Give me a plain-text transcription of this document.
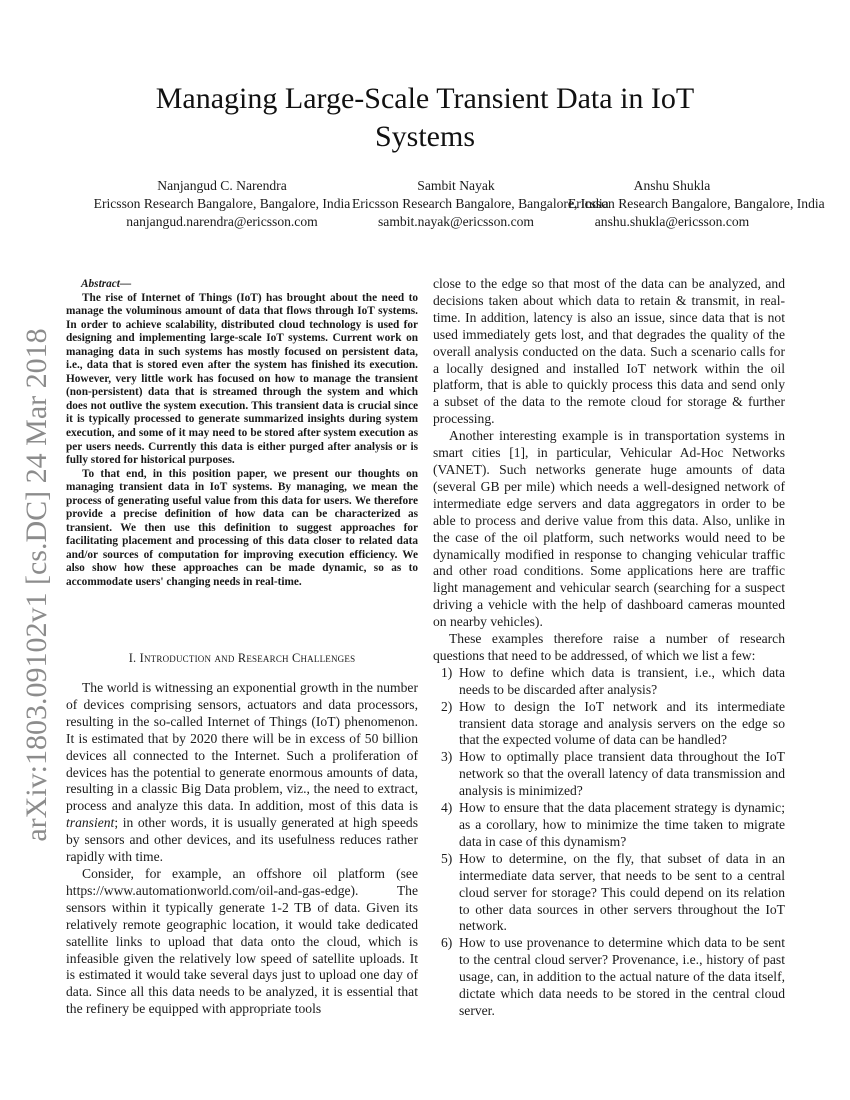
arXiv:1803.09102v1 [cs.DC] 24 Mar 2018
Managing Large-Scale Transient Data in IoT
Systems
Nanjangud C. Narendra
Ericsson Research Bangalore, Bangalore, India
nanjangud.narendra@ericsson.com
Sambit Nayak
Ericsson Research Bangalore, Bangalore, India
sambit.nayak@ericsson.com
Anshu Shukla
Ericsson Research Bangalore, Bangalore, India
anshu.shukla@ericsson.com
Abstract—

The rise of Internet of Things (IoT) has brought about the need to manage the voluminous amount of data that flows through IoT systems. In order to achieve scalability, distributed cloud technology is used for designing and implementing large-scale IoT systems. Current work on managing data in such systems has mostly focused on persistent data, i.e., data that is stored even after the system has finished its execution. However, very little work has focused on how to manage the transient (non-persistent) data that is streamed through the system and which does not outlive the system execution. This transient data is crucial since it is typically processed to generate summarized insights during system execution, and some of it may need to be stored after system execution as per users needs. Currently this data is either purged after analysis or is fully stored for historical purposes.

To that end, in this position paper, we present our thoughts on managing transient data in IoT systems. By managing, we mean the process of generating useful value from this data for users. We therefore provide a precise definition of how data can be characterized as transient. We then use this definition to suggest approaches for facilitating placement and processing of this data closer to related data and/or sources of computation for improving execution efficiency. We also show how these approaches can be made dynamic, so as to accommodate users' changing needs in real-time.

I. Introduction and Research Challenges

The world is witnessing an exponential growth in the number of devices comprising sensors, actuators and data processors, resulting in the so-called Internet of Things (IoT) phenomenon. It is estimated that by 2020 there will be in excess of 50 billion devices all connected to the Internet. Such a proliferation of devices has the potential to generate enormous amounts of data, resulting in a classic Big Data problem, viz., the need to extract, process and analyze this data. In addition, most of this data is transient; in other words, it is usually generated at high speeds by sensors and other devices, and its usefulness reduces rather rapidly with time.

Consider, for example, an offshore oil platform (see https://www.automationworld.com/oil-and-gas-edge). The sensors within it typically generate 1-2 TB of data. Given its relatively remote geographic location, it would take dedicated satellite links to upload that data onto the cloud, which is infeasible given the relatively low speed of satellite uploads. It is estimated it would take several days just to upload one day of data. Since all this data needs to be analyzed, it is essential that the refinery be equipped with appropriate tools

close to the edge so that most of the data can be analyzed, and decisions taken about which data to retain & transmit, in real-time. In addition, latency is also an issue, since data that is not used immediately gets lost, and that degrades the quality of the overall analysis conducted on the data. Such a scenario calls for a locally designed and installed IoT network within the oil platform, that is able to quickly process this data and send only a subset of the data to the remote cloud for storage & further processing.

Another interesting example is in transportation systems in smart cities [1], in particular, Vehicular Ad-Hoc Networks (VANET). Such networks generate huge amounts of data (several GB per mile) which needs a well-designed network of intermediate edge servers and data aggregators in order to be able to process and derive value from this data. Also, unlike in the case of the oil platform, such networks would need to be dynamically modified in response to changing vehicular traffic and other road conditions. Some applications here are traffic light management and vehicular search (searching for a suspect driving a vehicle with the help of dashboard cameras mounted on nearby vehicles).

These examples therefore raise a number of research questions that need to be addressed, of which we list a few:

1) How to define which data is transient, i.e., which data needs to be discarded after analysis?
2) How to design the IoT network and its intermediate transient data storage and analysis servers on the edge so that the expected volume of data can be handled?
3) How to optimally place transient data throughout the IoT network so that the overall latency of data transmission and analysis is minimized?
4) How to ensure that the data placement strategy is dynamic; as a corollary, how to minimize the time taken to migrate data in case of this dynamism?
5) How to determine, on the fly, that subset of data in an intermediate data server, that needs to be sent to a central cloud server for storage? This could depend on its relation to other data sources in other servers throughout the IoT network.
6) How to use provenance to determine which data to be sent to the central cloud server? Provenance, i.e., history of past usage, can, in addition to the actual nature of the data itself, dictate which data needs to be stored in the central cloud server.
